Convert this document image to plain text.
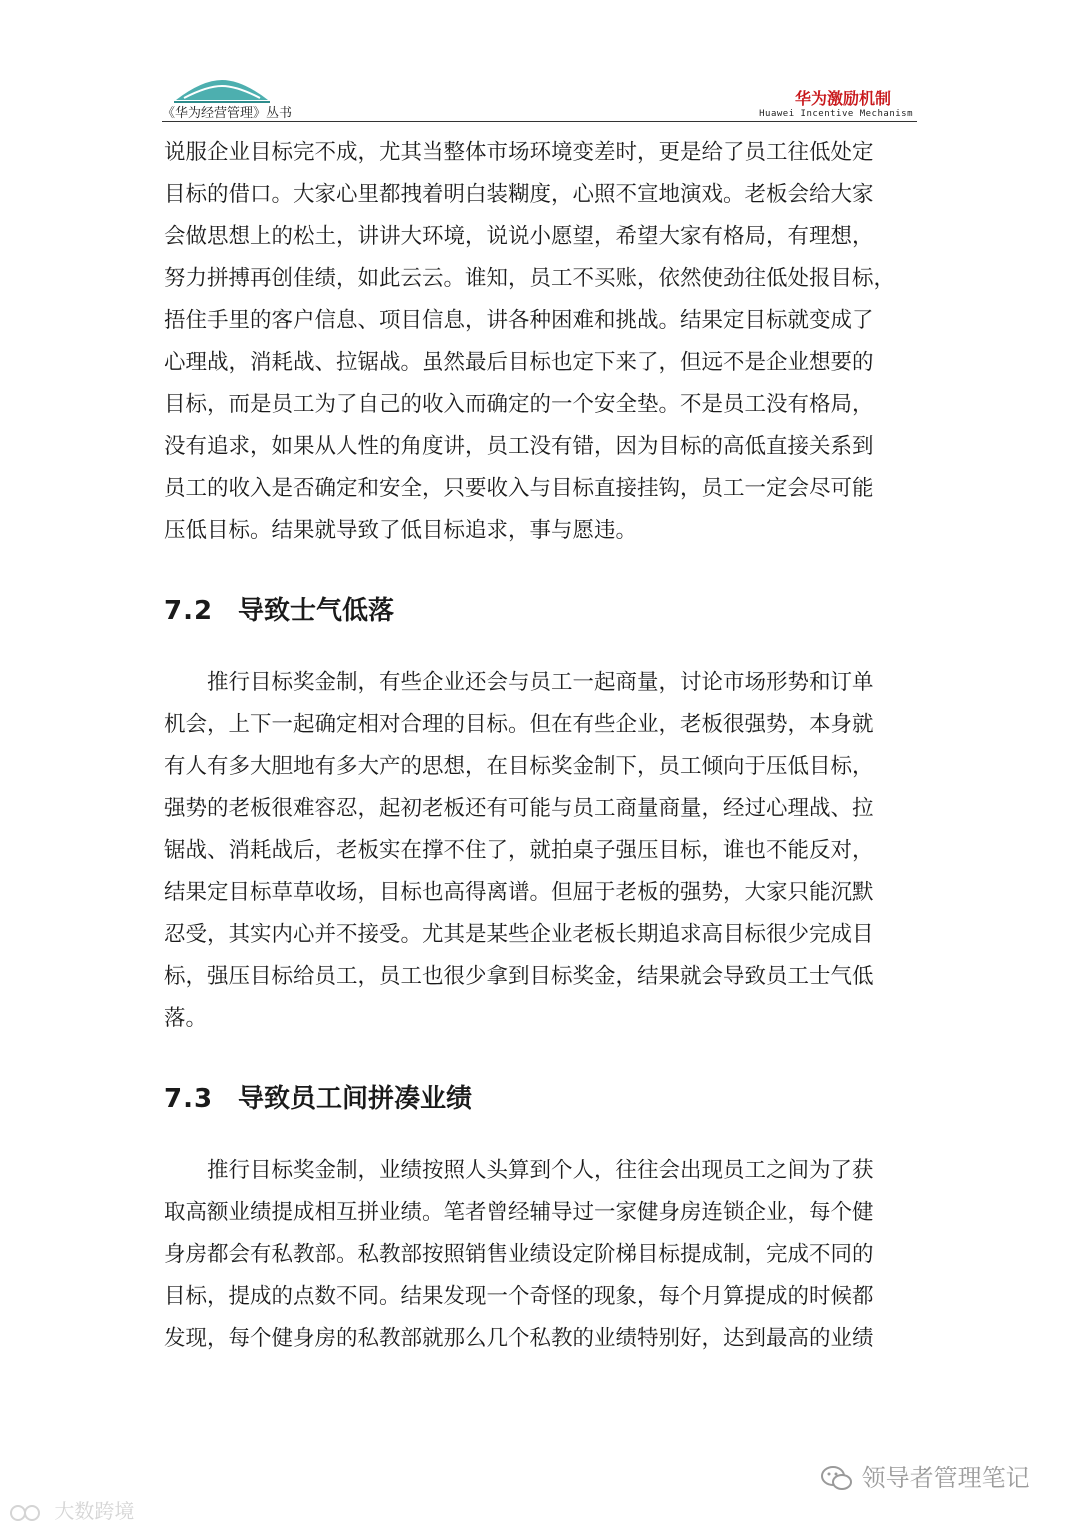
《华为经营管理》丛书
华为激励机制
Huawei Incentive Mechanism
说服企业目标完不成，尤其当整体市场环境变差时，更是给了员工往低处定
目标的借口。大家心里都拽着明白装糊度，心照不宣地演戏。老板会给大家
会做思想上的松土，讲讲大环境，说说小愿望，希望大家有格局，有理想，
努力拼搏再创佳绩，如此云云。谁知，员工不买账，依然使劲往低处报目标，
捂住手里的客户信息、项目信息，讲各种困难和挑战。结果定目标就变成了
心理战，消耗战、拉锯战。虽然最后目标也定下来了，但远不是企业想要的
目标，而是员工为了自己的收入而确定的一个安全垫。不是员工没有格局，
没有追求，如果从人性的角度讲，员工没有错，因为目标的高低直接关系到
员工的收入是否确定和安全，只要收入与目标直接挂钩，员工一定会尽可能
压低目标。结果就导致了低目标追求，事与愿违。
7.2 导致士气低落
　　推行目标奖金制，有些企业还会与员工一起商量，讨论市场形势和订单
机会，上下一起确定相对合理的目标。但在有些企业，老板很强势，本身就
有人有多大胆地有多大产的思想，在目标奖金制下，员工倾向于压低目标，
强势的老板很难容忍，起初老板还有可能与员工商量商量，经过心理战、拉
锯战、消耗战后，老板实在撑不住了，就拍桌子强压目标，谁也不能反对，
结果定目标草草收场，目标也高得离谱。但屈于老板的强势，大家只能沉默
忍受，其实内心并不接受。尤其是某些企业老板长期追求高目标很少完成目
标，强压目标给员工，员工也很少拿到目标奖金，结果就会导致员工士气低
落。
7.3 导致员工间拼凑业绩
　　推行目标奖金制，业绩按照人头算到个人，往往会出现员工之间为了获
取高额业绩提成相互拼业绩。笔者曾经辅导过一家健身房连锁企业，每个健
身房都会有私教部。私教部按照销售业绩设定阶梯目标提成制，完成不同的
目标，提成的点数不同。结果发现一个奇怪的现象，每个月算提成的时候都
发现，每个健身房的私教部就那么几个私教的业绩特别好，达到最高的业绩
大数跨境
领导者管理笔记
